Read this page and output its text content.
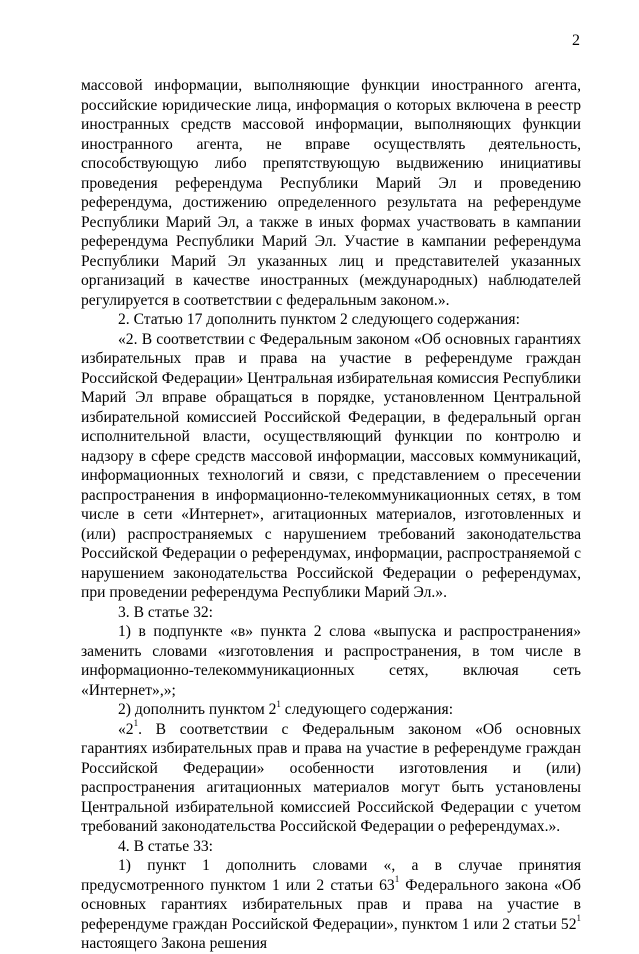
2

массовой информации, выполняющие функции иностранного агента, российские юридические лица, информация о которых включена в реестр иностранных средств массовой информации, выполняющих функции иностранного агента, не вправе осуществлять деятельность, способствующую либо препятствующую выдвижению инициативы проведения референдума Республики Марий Эл и проведению референдума, достижению определенного результата на референдуме Республики Марий Эл, а также в иных формах участвовать в кампании референдума Республики Марий Эл. Участие в кампании референдума Республики Марий Эл указанных лиц и представителей указанных организаций в качестве иностранных (международных) наблюдателей регулируется в соответствии с федеральным законом.».

2. Статью 17 дополнить пунктом 2 следующего содержания:

«2. В соответствии с Федеральным законом «Об основных гарантиях избирательных прав и права на участие в референдуме граждан Российской Федерации» Центральная избирательная комиссия Республики Марий Эл вправе обращаться в порядке, установленном Центральной избирательной комиссией Российской Федерации, в федеральный орган исполнительной власти, осуществляющий функции по контролю и надзору в сфере средств массовой информации, массовых коммуникаций, информационных технологий и связи, с представлением о пресечении распространения в информационно-телекоммуникационных сетях, в том числе в сети «Интернет», агитационных материалов, изготовленных и (или) распространяемых с нарушением требований законодательства Российской Федерации о референдумах, информации, распространяемой с нарушением законодательства Российской Федерации о референдумах, при проведении референдума Республики Марий Эл.».

3. В статье 32:

1) в подпункте «в» пункта 2 слова «выпуска и распространения» заменить словами «изготовления и распространения, в том числе в информационно-телекоммуникационных сетях, включая сеть «Интернет»,»;

2) дополнить пунктом $2^1$ следующего содержания:

«$2^1$. В соответствии с Федеральным законом «Об основных гарантиях избирательных прав и права на участие в референдуме граждан Российской Федерации» особенности изготовления и (или) распространения агитационных материалов могут быть установлены Центральной избирательной комиссией Российской Федерации с учетом требований законодательства Российской Федерации о референдумах.».

4. В статье 33:

1) пункт 1 дополнить словами «, а в случае принятия предусмотренного пунктом 1 или 2 статьи $63^1$ Федерального закона «Об основных гарантиях избирательных прав и права на участие в референдуме граждан Российской Федерации», пунктом 1 или 2 статьи $52^1$ настоящего Закона решения
